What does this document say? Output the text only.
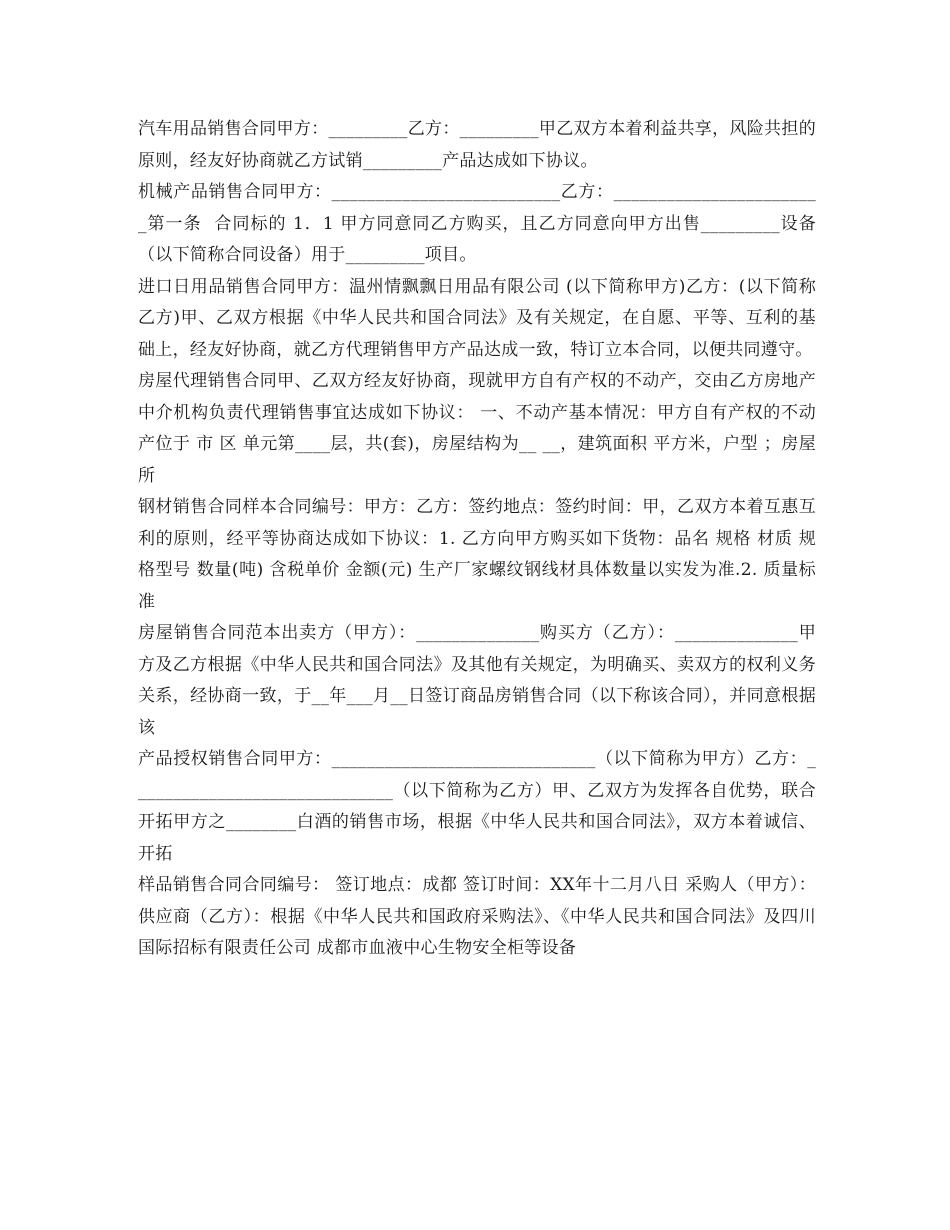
汽车用品销售合同甲方：_________乙方：_________甲乙双方本着利益共享，风险共担的原则，经友好协商就乙方试销_________产品达成如下协议。

机械产品销售合同甲方：__________________________乙方：________________________第一条  合同标的 1．1 甲方同意同乙方购买，且乙方同意向甲方出售_________设备（以下简称合同设备）用于_________项目。

进口日用品销售合同甲方：温州情飘飘日用品有限公司 (以下简称甲方)乙方：(以下简称乙方)甲、乙双方根据《中华人民共和国合同法》及有关规定，在自愿、平等、互利的基础上，经友好协商，就乙方代理销售甲方产品达成一致，特订立本合同，以便共同遵守。

房屋代理销售合同甲、乙双方经友好协商，现就甲方自有产权的不动产，交由乙方房地产中介机构负责代理销售事宜达成如下协议： 一、不动产基本情况：甲方自有产权的不动产位于 市 区 单元第____层，共(套)，房屋结构为__ __，建筑面积 平方米，户型 ；房屋所

钢材销售合同样本合同编号：甲方：乙方：签约地点：签约时间：甲，乙双方本着互惠互利的原则，经平等协商达成如下协议：1. 乙方向甲方购买如下货物：品名 规格 材质 规格型号 数量(吨) 含税单价 金额(元) 生产厂家螺纹钢线材具体数量以实发为准.2. 质量标准

房屋销售合同范本出卖方（甲方）：______________购买方（乙方）：______________甲方及乙方根据《中华人民共和国合同法》及其他有关规定，为明确买、卖双方的权利义务关系，经协商一致，于__年___月__日签订商品房销售合同（以下称该合同），并同意根据该

产品授权销售合同甲方：______________________________（以下简称为甲方）乙方：______________________________（以下简称为乙方）甲、乙双方为发挥各自优势，联合开拓甲方之________白酒的销售市场，根据《中华人民共和国合同法》，双方本着诚信、开拓

样品销售合同合同编号： 签订地点：成都 签订时间：XX年十二月八日 采购人（甲方）： 供应商（乙方）：根据《中华人民共和国政府采购法》、《中华人民共和国合同法》及四川国际招标有限责任公司 成都市血液中心生物安全柜等设备
